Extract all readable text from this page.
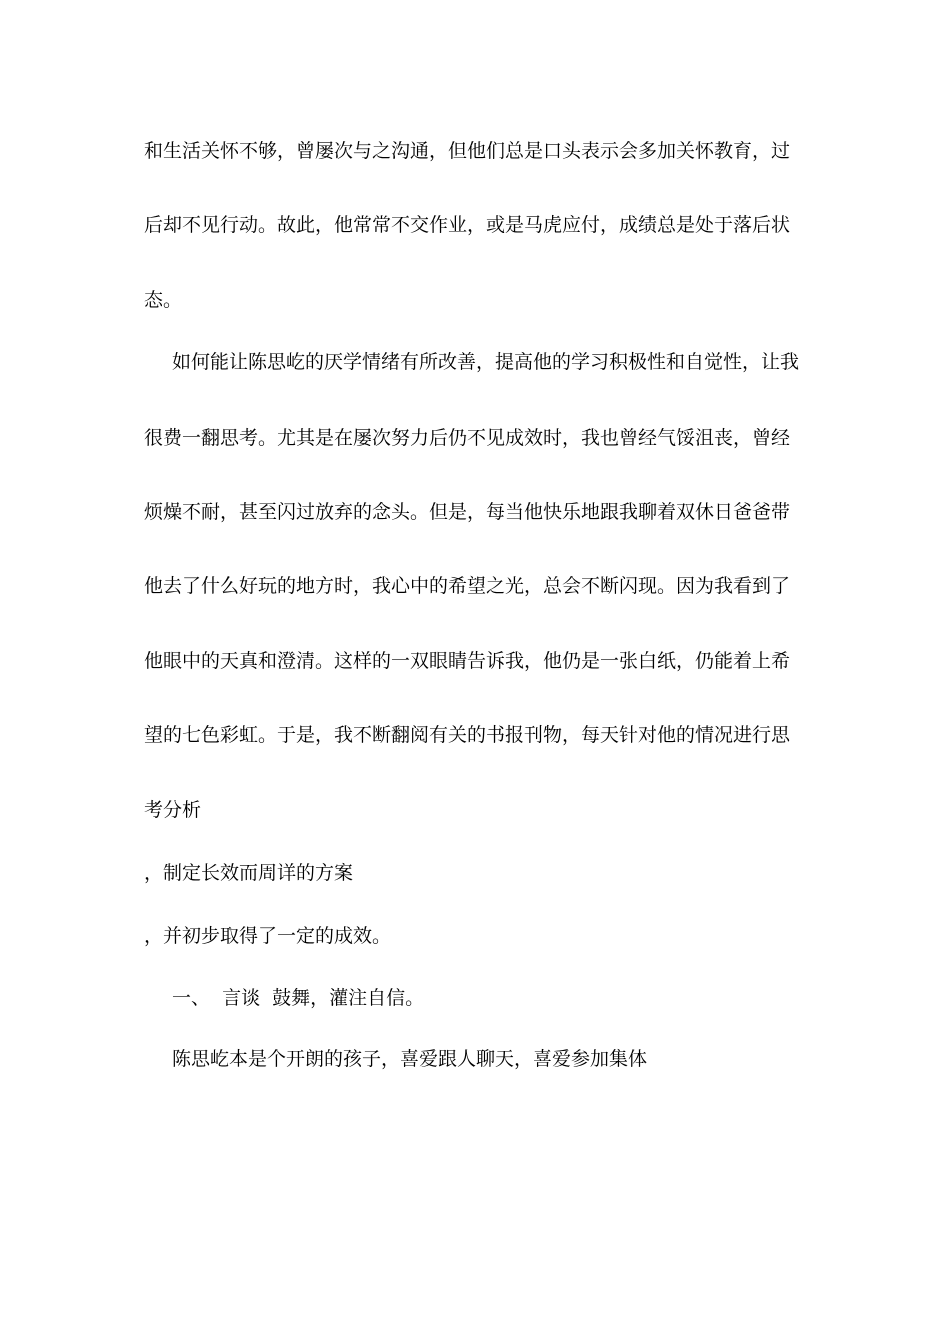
和生活关怀不够，曾屡次与之沟通，但他们总是口头表示会多加关怀教育，过
后却不见行动。故此，他常常不交作业，或是马虎应付，成绩总是处于落后状
态。
如何能让陈思屹的厌学情绪有所改善，提高他的学习积极性和自觉性，让我
很费一翻思考。尤其是在屡次努力后仍不见成效时，我也曾经气馁沮丧，曾经
烦燥不耐，甚至闪过放弃的念头。但是，每当他快乐地跟我聊着双休日爸爸带
他去了什么好玩的地方时，我心中的希望之光，总会不断闪现。因为我看到了
他眼中的天真和澄清。这样的一双眼睛告诉我，他仍是一张白纸，仍能着上希
望的七色彩虹。于是，我不断翻阅有关的书报刊物，每天针对他的情况进行思
考分析
，制定长效而周详的方案
，并初步取得了一定的成效。
一、  言谈  鼓舞，灌注自信。
陈思屹本是个开朗的孩子，喜爱跟人聊天，喜爱参加集体
